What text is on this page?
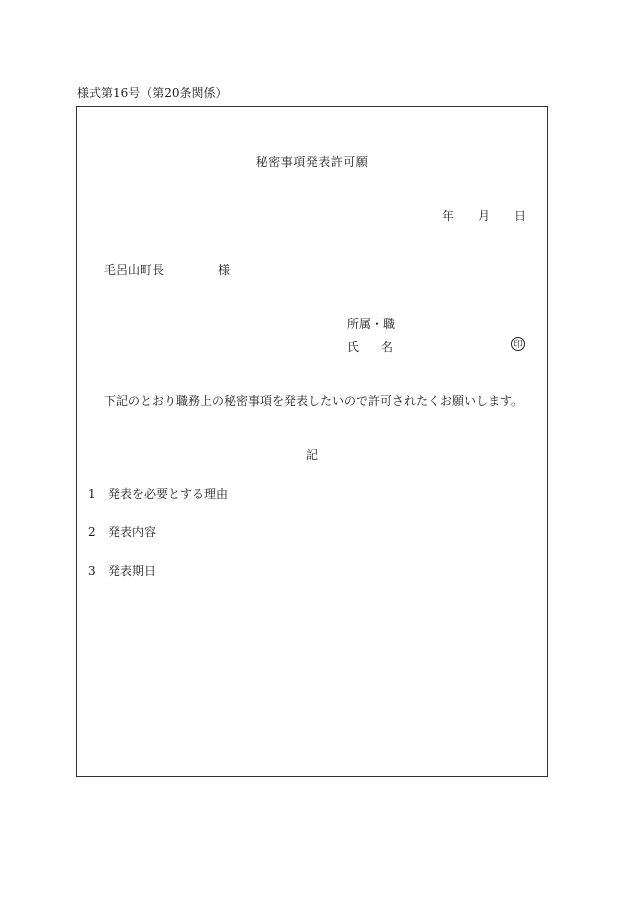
様式第16号（第20条関係）
秘密事項発表許可願
年 月 日
毛呂山町長	様
所属・職
氏 名	印
下記のとおり職務上の秘密事項を発表したいので許可されたくお願いします。
記
1 発表を必要とする理由
2 発表内容
3 発表期日
